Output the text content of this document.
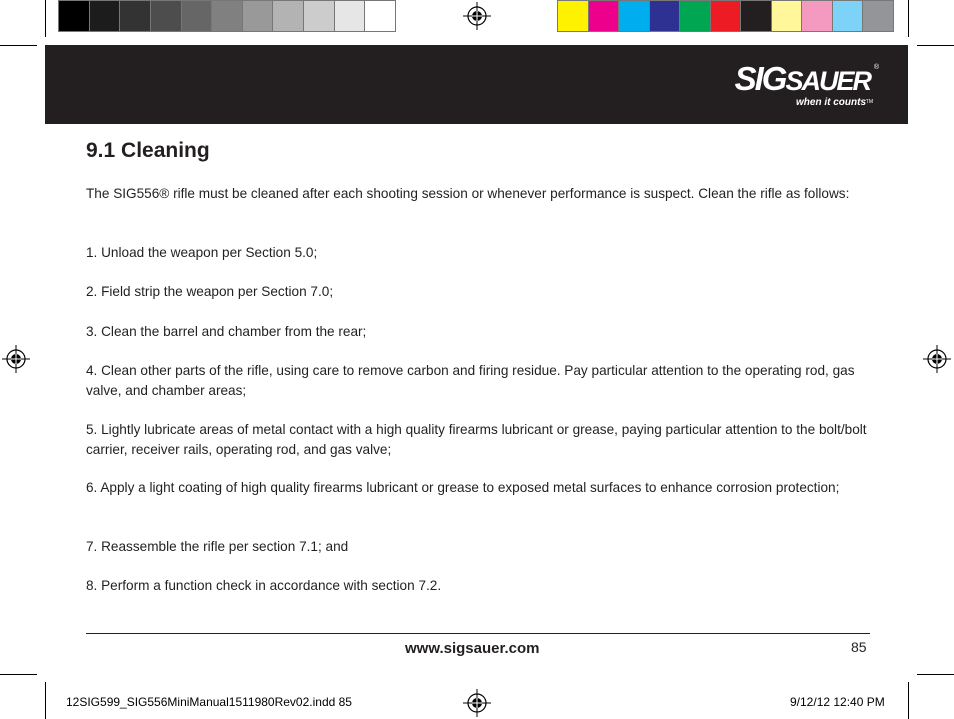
SIGSAUER ®
when it counts TM
9.1 Cleaning

The SIG556® rifle must be cleaned after each shooting session or whenever performance is suspect. Clean the rifle as follows:

1. Unload the weapon per Section 5.0;

2. Field strip the weapon per Section 7.0;

3. Clean the barrel and chamber from the rear;

4. Clean other parts of the rifle, using care to remove carbon and firing residue. Pay particular attention to the operating rod, gas valve, and chamber areas;

5. Lightly lubricate areas of metal contact with a high quality firearms lubricant or grease, paying particular attention to the bolt/bolt carrier, receiver rails, operating rod, and gas valve;

6. Apply a light coating of high quality firearms lubricant or grease to exposed metal surfaces to enhance corrosion protection;

7. Reassemble the rifle per section 7.1; and

8. Perform a function check in accordance with section 7.2.

www.sigsauer.com	85
12SIG599_SIG556MiniManual1511980Rev02.indd 85	9/12/12 12:40 PM
